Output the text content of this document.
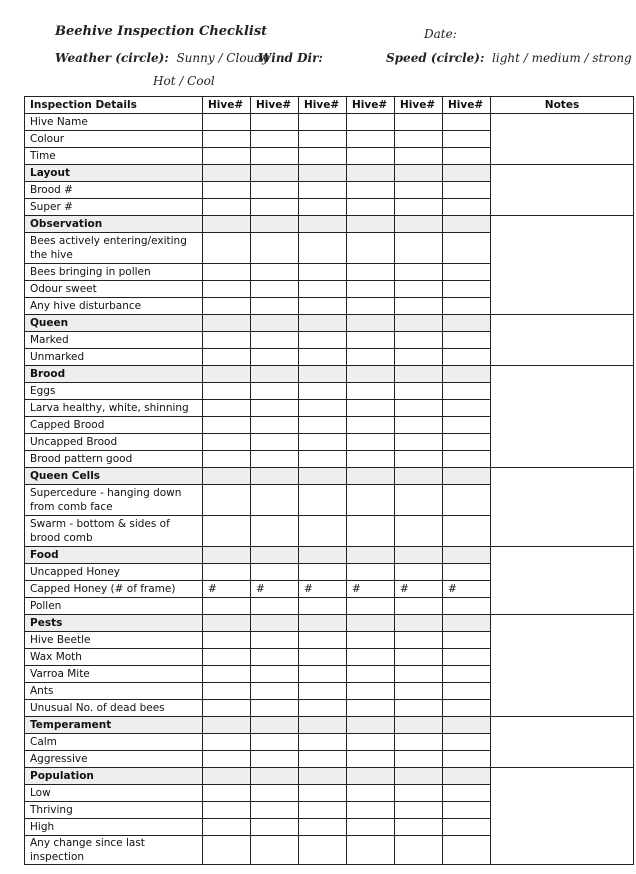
Beehive Inspection Checklist	Date:
Weather (circle): Sunny / Cloudy
Wind Dir:	Speed (circle): light / medium / strong
Hot / Cool
Inspection Details	Hive#	Hive#	Hive#	Hive#	Hive#	Hive#	Notes
Hive Name							
Colour							
Time							
Layout							
Brood #							
Super #							
Observation							
Bees actively entering/exiting the hive							
Bees bringing in pollen							
Odour sweet							
Any hive disturbance							
Queen							
Marked							
Unmarked							
Brood							
Eggs							
Larva healthy, white, shinning							
Capped Brood							
Uncapped Brood							
Brood pattern good							
Queen Cells							
Supercedure - hanging down from comb face							
Swarm - bottom & sides of brood comb							
Food							
Uncapped Honey							
Capped Honey (# of frame)	#	#	#	#	#	#	
Pollen							
Pests							
Hive Beetle							
Wax Moth							
Varroa Mite							
Ants							
Unusual No. of dead bees							
Temperament							
Calm							
Aggressive							
Population							
Low							
Thriving							
High							
Any change since last inspection							
